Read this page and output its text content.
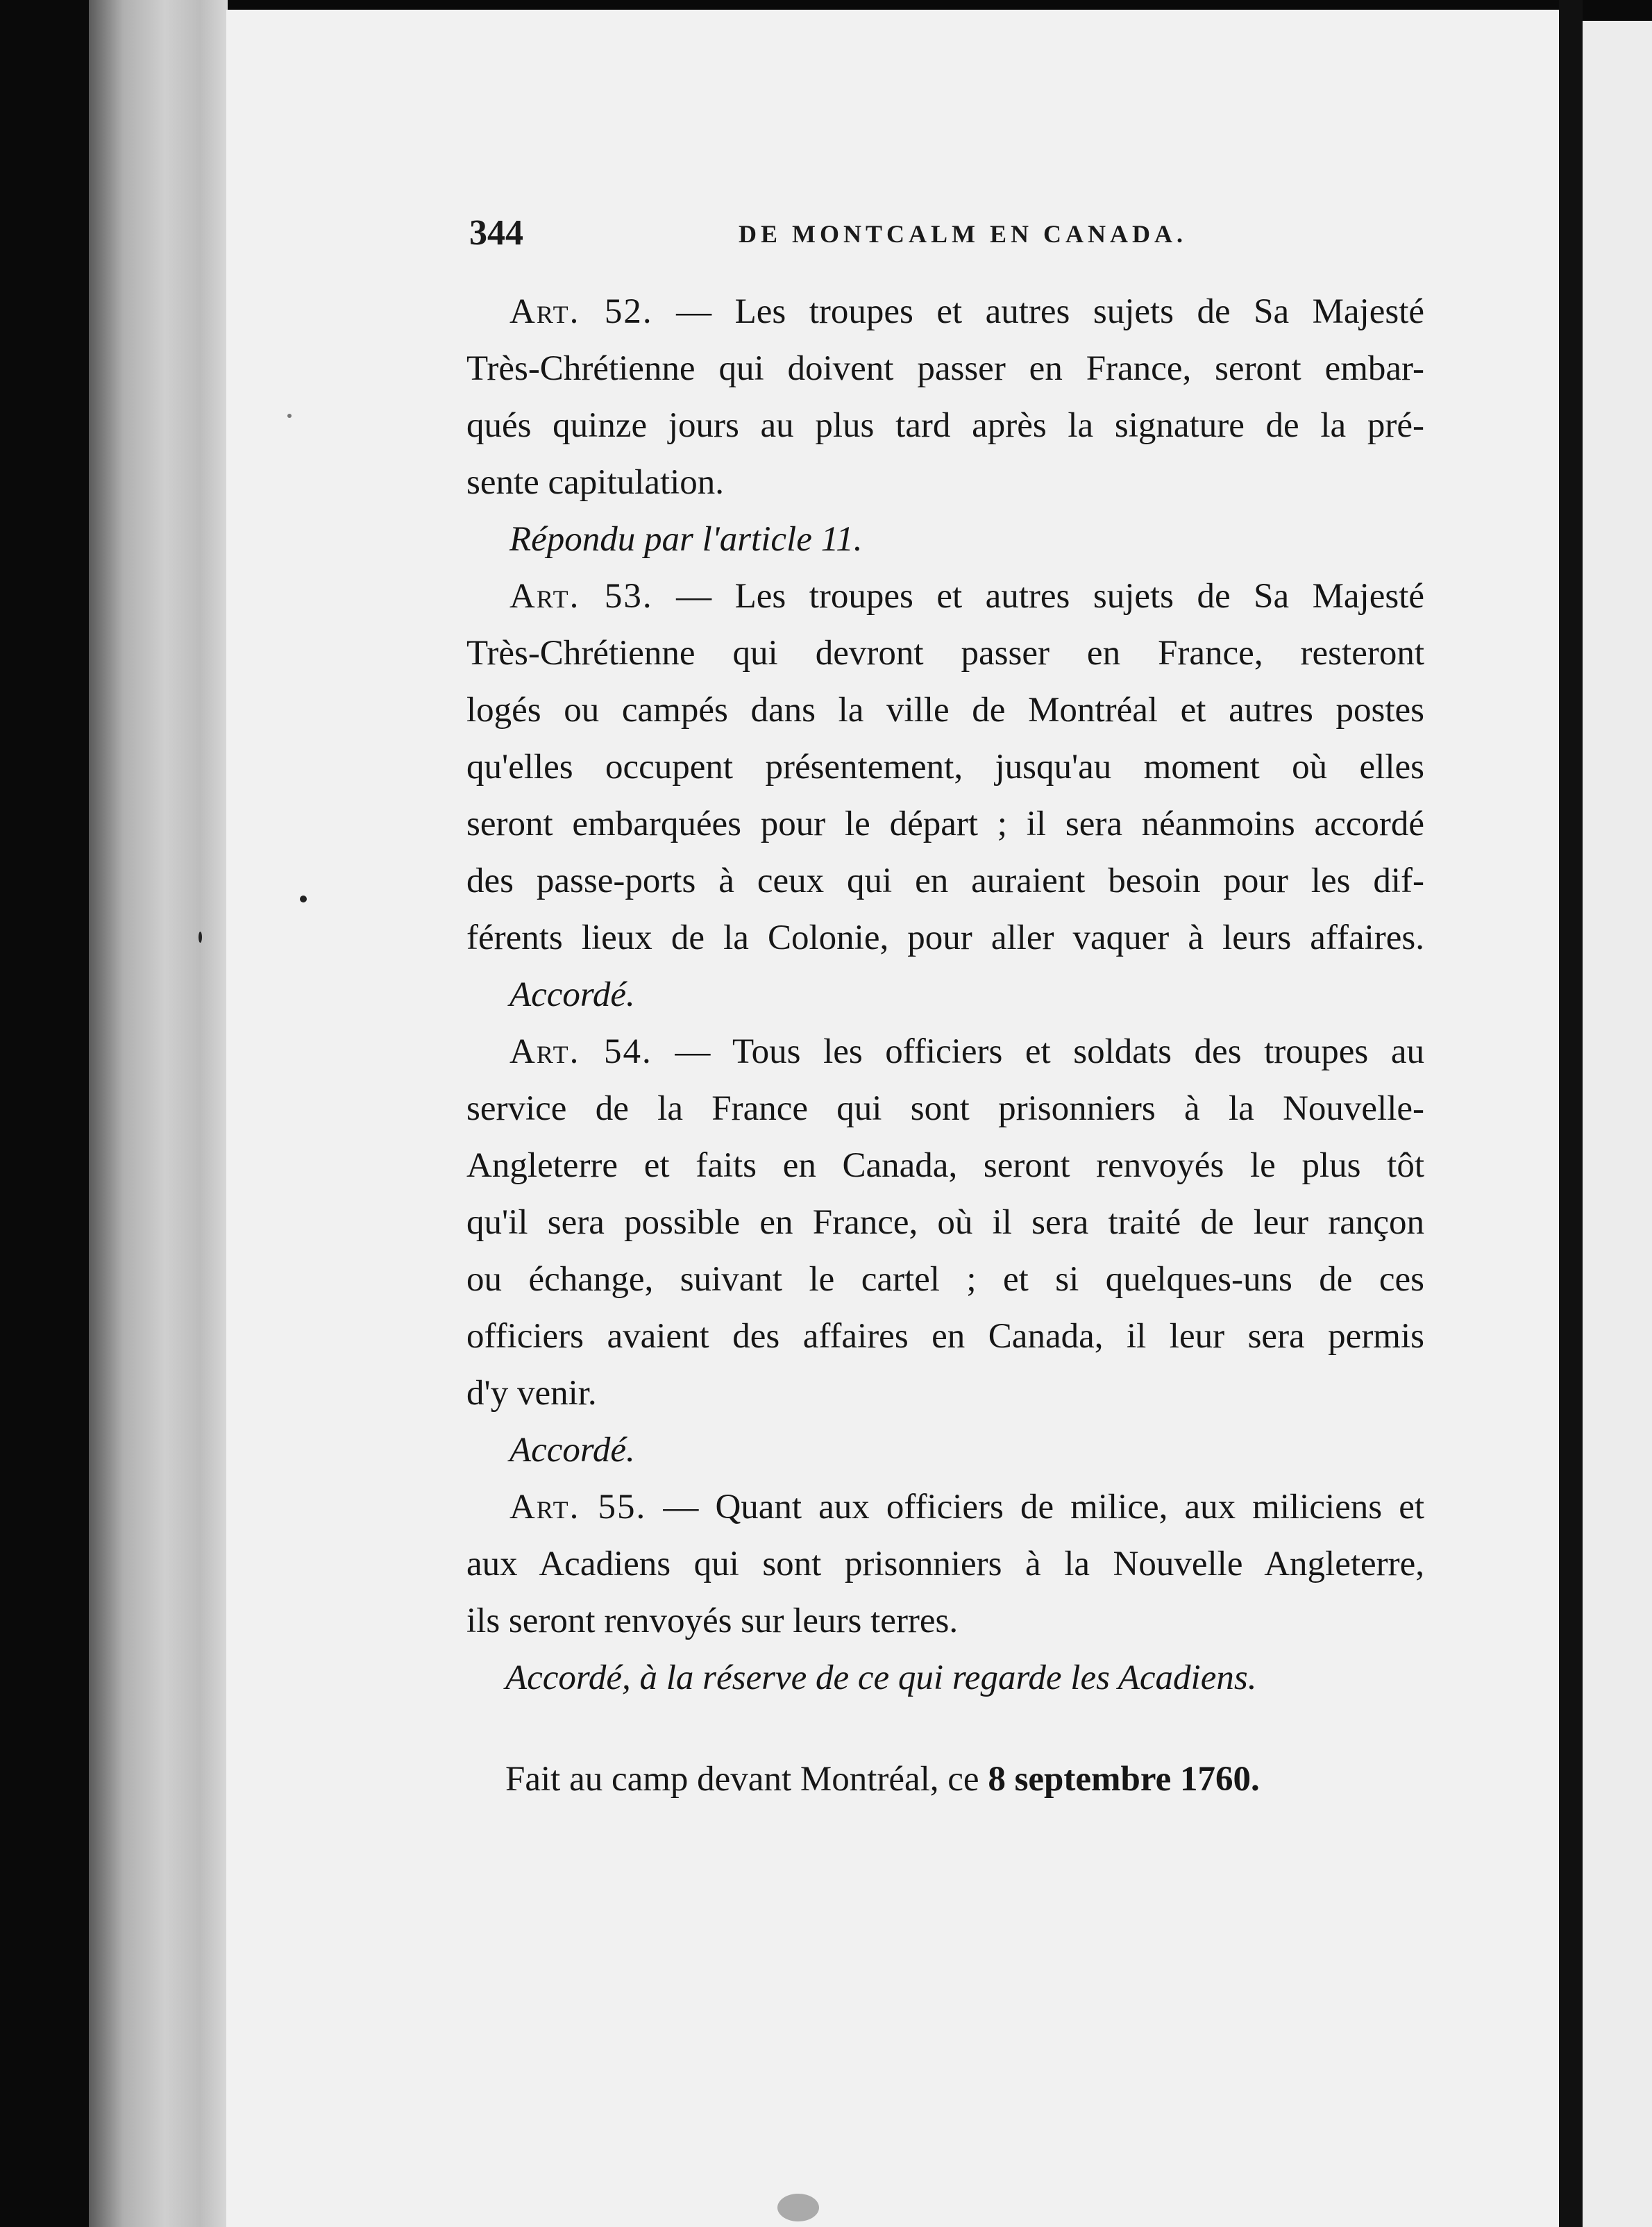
344	DE MONTCALM EN CANADA.
Art. 52. — Les troupes et autres sujets de Sa Majesté
Très-Chrétienne qui doivent passer en France, seront embar-
qués quinze jours au plus tard après la signature de la pré-
sente capitulation.
Répondu par l'article 11.
Art. 53. — Les troupes et autres sujets de Sa Majesté
Très-Chrétienne qui devront passer en France, resteront
logés ou campés dans la ville de Montréal et autres postes
qu'elles occupent présentement, jusqu'au moment où elles
seront embarquées pour le départ ; il sera néanmoins accordé
des passe-ports à ceux qui en auraient besoin pour les dif-
férents lieux de la Colonie, pour aller vaquer à leurs affaires.
Accordé.
Art. 54. — Tous les officiers et soldats des troupes au
service de la France qui sont prisonniers à la Nouvelle-
Angleterre et faits en Canada, seront renvoyés le plus tôt
qu'il sera possible en France, où il sera traité de leur rançon
ou échange, suivant le cartel ; et si quelques-uns de ces
officiers avaient des affaires en Canada, il leur sera permis
d'y venir.
Accordé.
Art. 55. — Quant aux officiers de milice, aux miliciens et
aux Acadiens qui sont prisonniers à la Nouvelle Angleterre,
ils seront renvoyés sur leurs terres.
Accordé, à la réserve de ce qui regarde les Acadiens.
Fait au camp devant Montréal, ce 8 septembre 1760.
